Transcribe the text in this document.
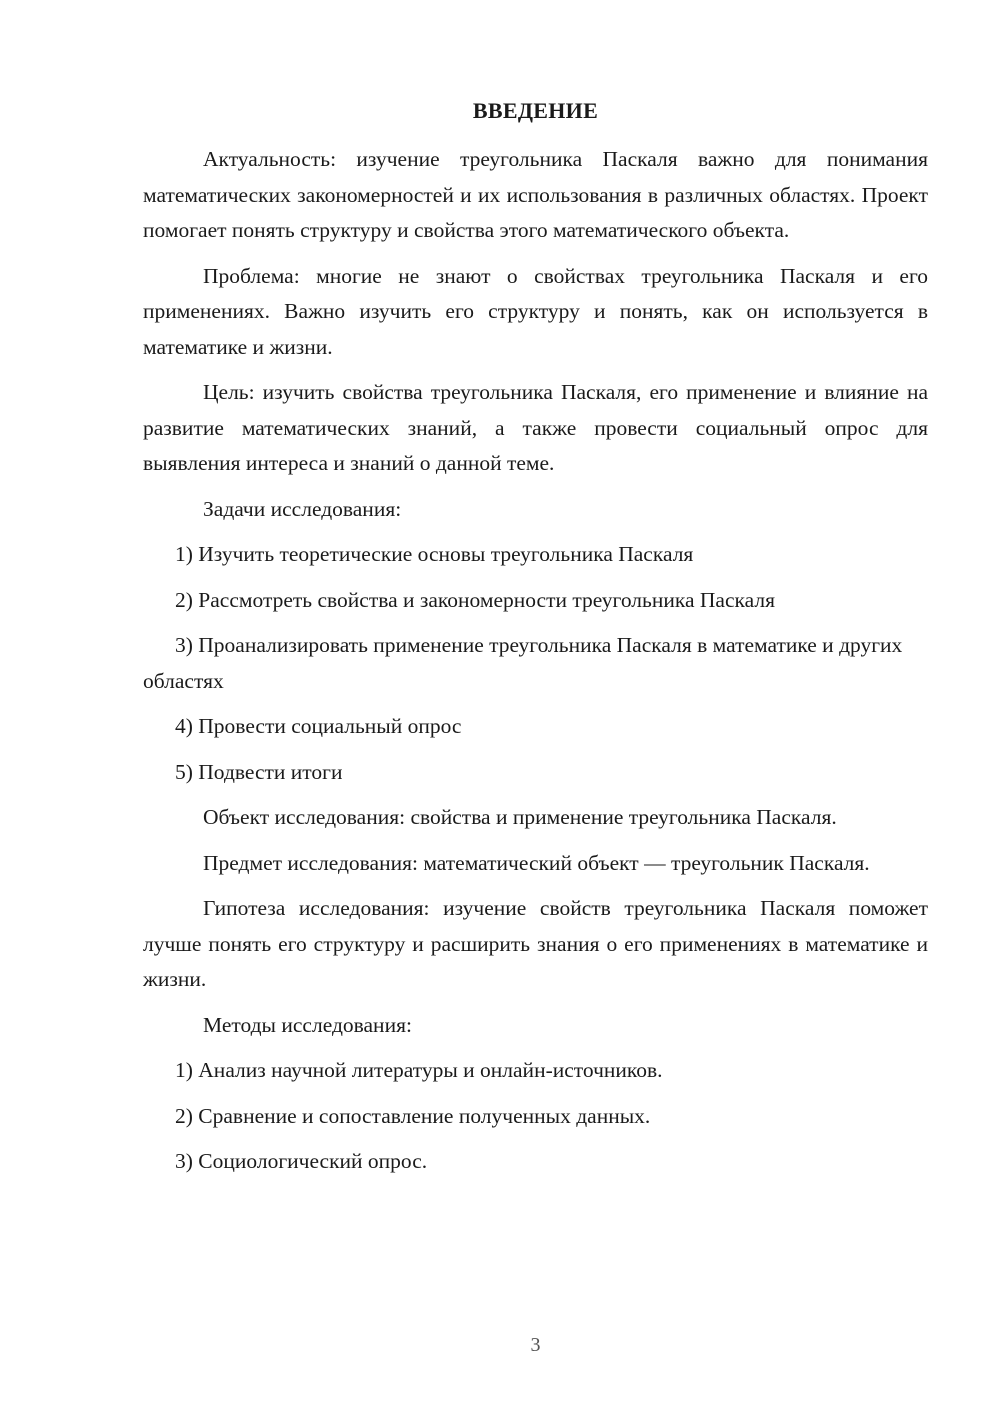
ВВЕДЕНИЕ

Актуальность: изучение треугольника Паскаля важно для понимания математических закономерностей и их использования в различных областях. Проект помогает понять структуру и свойства этого математического объекта.

Проблема: многие не знают о свойствах треугольника Паскаля и его применениях. Важно изучить его структуру и понять, как он используется в математике и жизни.

Цель: изучить свойства треугольника Паскаля, его применение и влияние на развитие математических знаний, а также провести социальный опрос для выявления интереса и знаний о данной теме.

Задачи исследования:

1) Изучить теоретические основы треугольника Паскаля

2) Рассмотреть свойства и закономерности треугольника Паскаля

3) Проанализировать применение треугольника Паскаля в математике и других областях

4) Провести социальный опрос

5) Подвести итоги

Объект исследования: свойства и применение треугольника Паскаля.

Предмет исследования: математический объект — треугольник Паскаля.

Гипотеза исследования: изучение свойств треугольника Паскаля поможет лучше понять его структуру и расширить знания о его применениях в математике и жизни.

Методы исследования:

1) Анализ научной литературы и онлайн-источников.

2) Сравнение и сопоставление полученных данных.

3) Социологический опрос.

3
